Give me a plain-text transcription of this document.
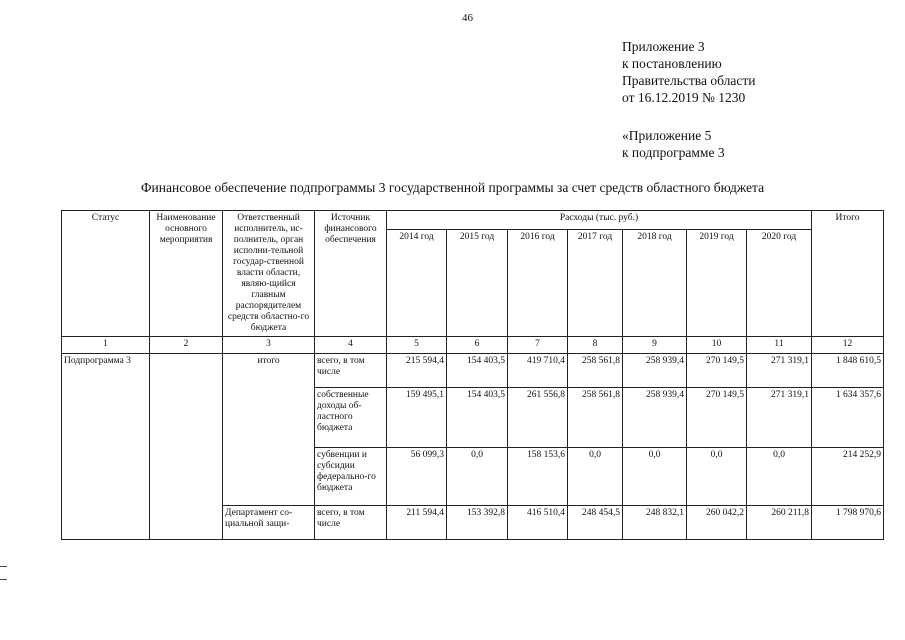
46
Приложение 3
к постановлению
Правительства области
от 16.12.2019 № 1230
«Приложение 5
к подпрограмме 3
Финансовое обеспечение подпрограммы 3 государственной программы за счет средств областного бюджета
Статус	Наименование основного мероприятия	Ответственный исполнитель, ис-полнитель, орган исполни-тельной государ-ственной власти области, являю-щийся главным распорядителем средств областно-го бюджета	Источник финансового обеспечения	Расходы (тыс. руб.)							Итого
				2014 год	2015 год	2016 год	2017 год	2018 год	2019 год	2020 год	
1	2	3	4	5	6	7	8	9	10	11	12
Подпрограмма 3		итого	всего, в том числе	215 594,4	154 403,5	419 710,4	258 561,8	258 939,4	270 149,5	271 319,1	1 848 610,5
			собственные доходы об-ластного бюджета	159 495,1	154 403,5	261 556,8	258 561,8	258 939,4	270 149,5	271 319,1	1 634 357,6
			субвенции и субсидии федерально-го бюджета	56 099,3	0,0	158 153,6	0,0	0,0	0,0	0,0	214 252,9
		Департамент со-циальной защи-	всего, в том числе	211 594,4	153 392,8	416 510,4	248 454,5	248 832,1	260 042,2	260 211,8	1 798 970,6
